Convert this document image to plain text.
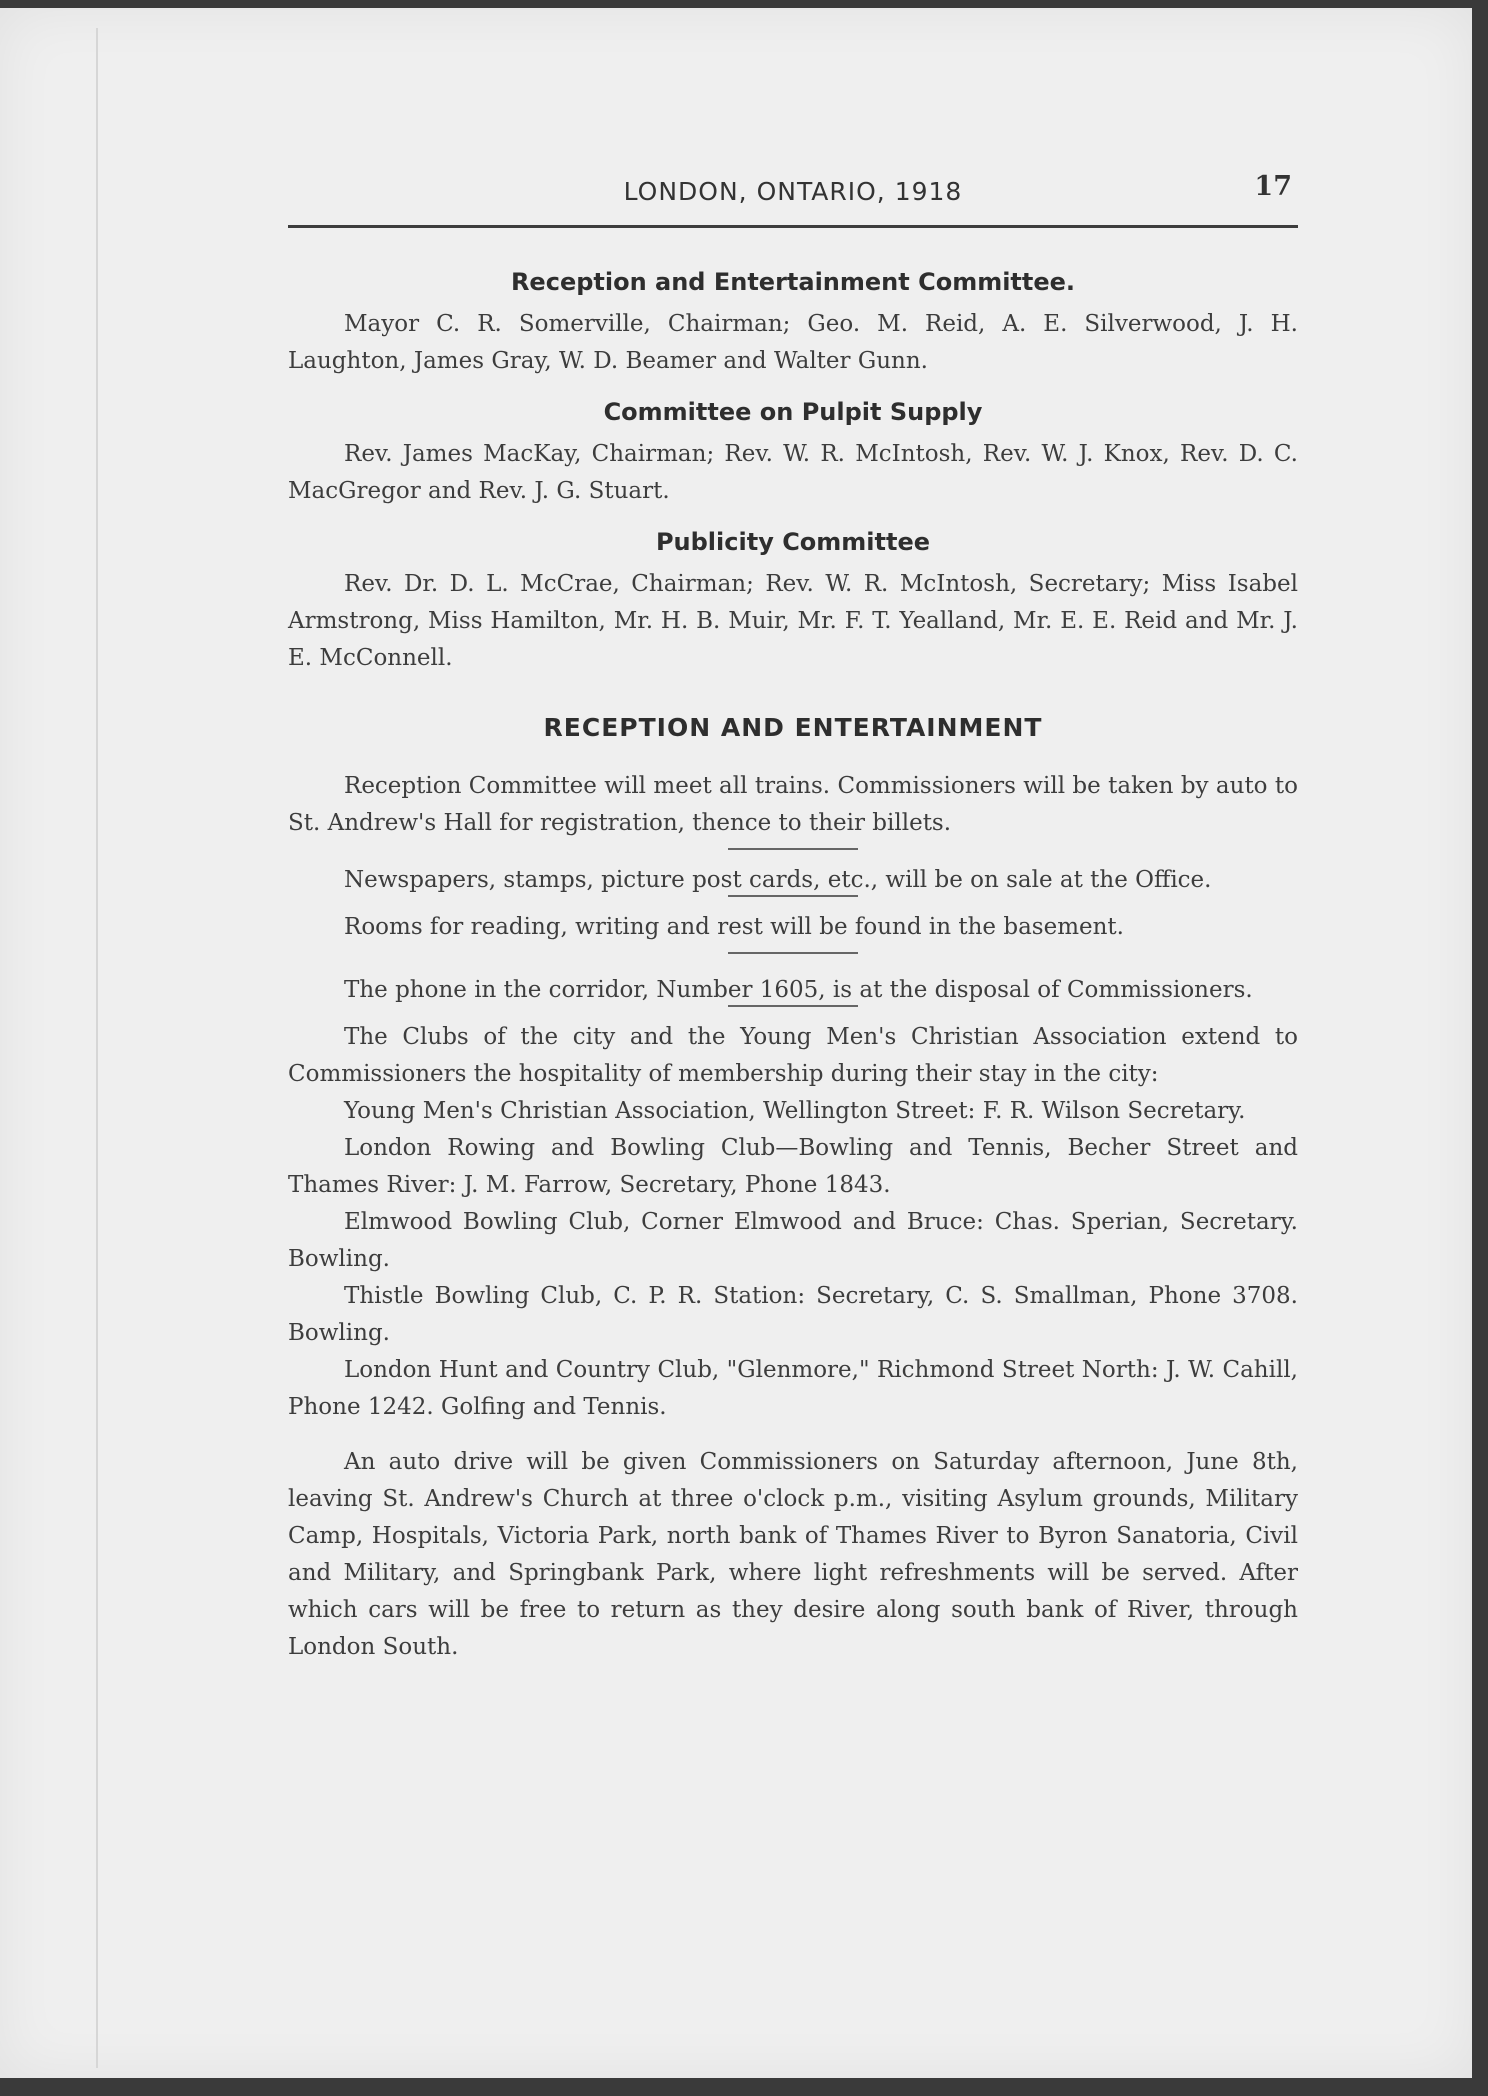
LONDON, ONTARIO, 1918	17
Reception and Entertainment Committee.

Mayor C. R. Somerville, Chairman; Geo. M. Reid, A. E. Silverwood, J. H. Laughton, James Gray, W. D. Beamer and Walter Gunn.

Committee on Pulpit Supply

Rev. James MacKay, Chairman; Rev. W. R. McIntosh, Rev. W. J. Knox, Rev. D. C. MacGregor and Rev. J. G. Stuart.

Publicity Committee

Rev. Dr. D. L. McCrae, Chairman; Rev. W. R. McIntosh, Secretary; Miss Isabel Armstrong, Miss Hamilton, Mr. H. B. Muir, Mr. F. T. Yealland, Mr. E. E. Reid and Mr. J. E. McConnell.

RECEPTION AND ENTERTAINMENT

Reception Committee will meet all trains. Commissioners will be taken by auto to St. Andrew's Hall for registration, thence to their billets.

Newspapers, stamps, picture post cards, etc., will be on sale at the Office.

Rooms for reading, writing and rest will be found in the basement.

The phone in the corridor, Number 1605, is at the disposal of Commissioners.

The Clubs of the city and the Young Men's Christian Association extend to Commissioners the hospitality of membership during their stay in the city:

Young Men's Christian Association, Wellington Street: F. R. Wilson Secretary.

London Rowing and Bowling Club—Bowling and Tennis, Becher Street and Thames River: J. M. Farrow, Secretary, Phone 1843.

Elmwood Bowling Club, Corner Elmwood and Bruce: Chas. Sperian, Secretary. Bowling.

Thistle Bowling Club, C. P. R. Station: Secretary, C. S. Smallman, Phone 3708. Bowling.

London Hunt and Country Club, "Glenmore," Richmond Street North: J. W. Cahill, Phone 1242. Golfing and Tennis.

An auto drive will be given Commissioners on Saturday afternoon, June 8th, leaving St. Andrew's Church at three o'clock p.m., visiting Asylum grounds, Military Camp, Hospitals, Victoria Park, north bank of Thames River to Byron Sanatoria, Civil and Military, and Springbank Park, where light refreshments will be served. After which cars will be free to return as they desire along south bank of River, through London South.
